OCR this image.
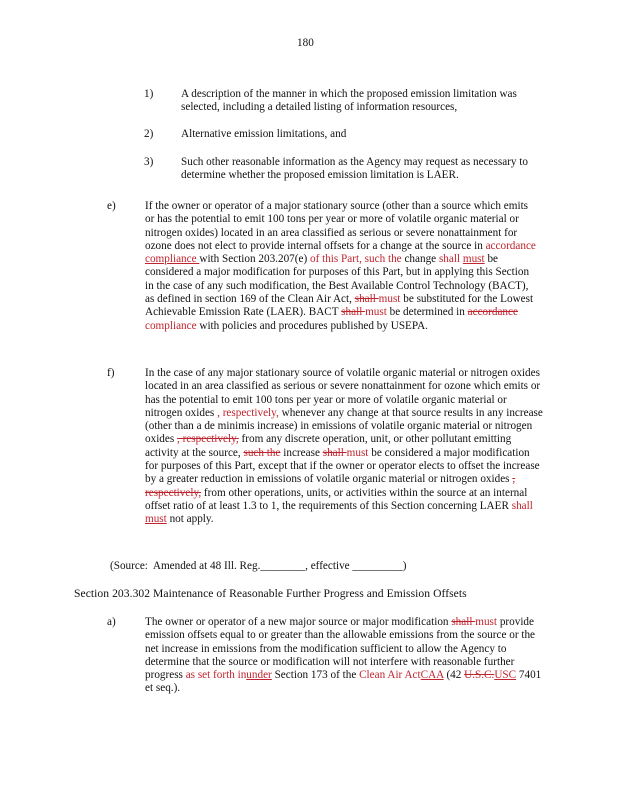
180
1) A description of the manner in which the proposed emission limitation was selected, including a detailed listing of information resources,
2) Alternative emission limitations, and
3) Such other reasonable information as the Agency may request as necessary to determine whether the proposed emission limitation is LAER.
e)	If the owner or operator of a major stationary source (other than a source which emits or has the potential to emit 100 tons per year or more of volatile organic material or nitrogen oxides) located in an area classified as serious or severe nonattainment for ozone does not elect to provide internal offsets for a change at the source in accordance compliance with Section 203.207(e) of this Part, such the change shall must be considered a major modification for purposes of this Part, but in applying this Section in the case of any such modification, the Best Available Control Technology (BACT), as defined in section 169 of the Clean Air Act, shall must be substituted for the Lowest Achievable Emission Rate (LAER). BACT shall must be determined in accordance compliance with policies and procedures published by USEPA.
f)	In the case of any major stationary source of volatile organic material or nitrogen oxides located in an area classified as serious or severe nonattainment for ozone which emits or has the potential to emit 100 tons per year or more of volatile organic material or nitrogen oxides , respectively, whenever any change at that source results in any increase (other than a de minimis increase) in emissions of volatile organic material or nitrogen oxides , respectively, from any discrete operation, unit, or other pollutant emitting activity at the source, such the increase shall must be considered a major modification for purposes of this Part, except that if the owner or operator elects to offset the increase by a greater reduction in emissions of volatile organic material or nitrogen oxides , respectively, from other operations, units, or activities within the source at an internal offset ratio of at least 1.3 to 1, the requirements of this Section concerning LAER shall must not apply.
(Source:  Amended at 48 Ill. Reg.________, effective _________)
Section 203.302 Maintenance of Reasonable Further Progress and Emission Offsets
a)	The owner or operator of a new major source or major modification shall must provide emission offsets equal to or greater than the allowable emissions from the source or the net increase in emissions from the modification sufficient to allow the Agency to determine that the source or modification will not interfere with reasonable further progress as set forth inunder Section 173 of the Clean Air ActCAA (42 U.S.C.USC 7401 et seq.).
